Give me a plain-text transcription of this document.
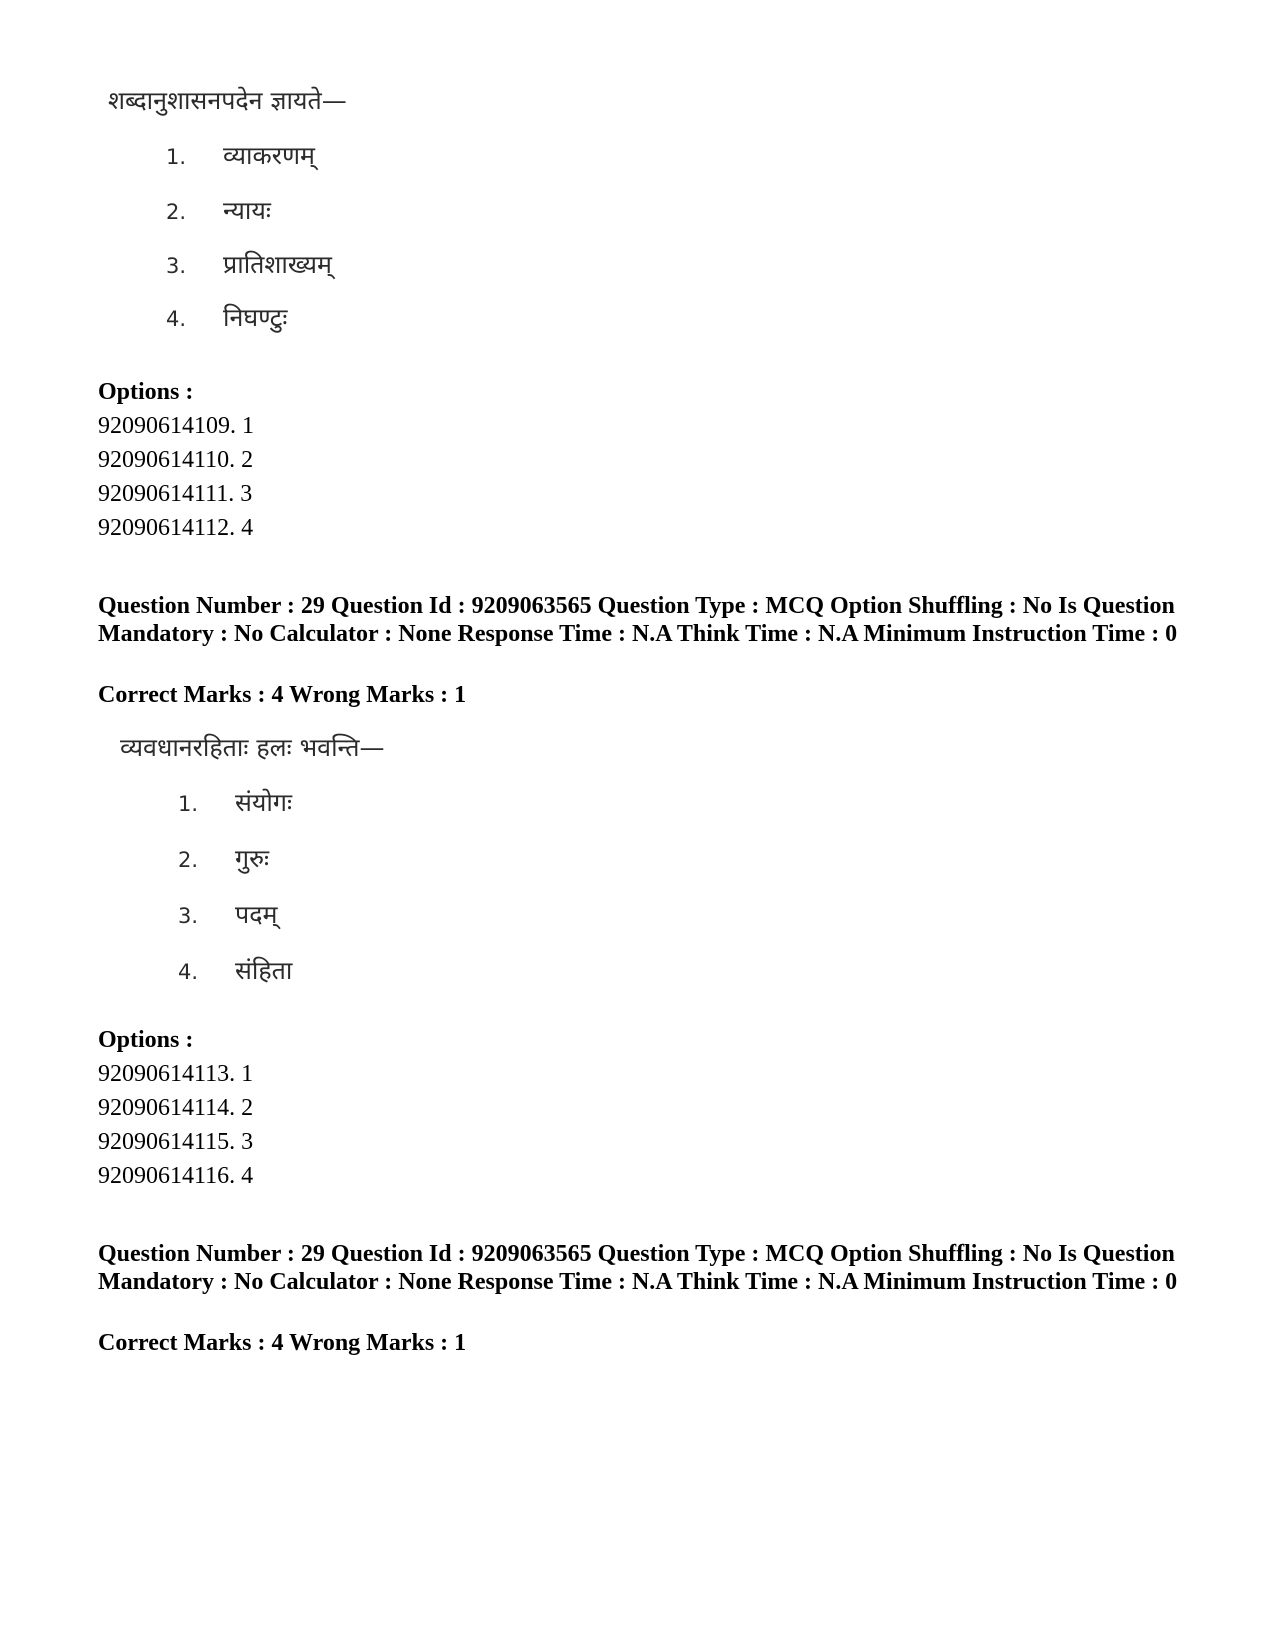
शब्दानुशासनपदेन ज्ञायते—
1.	व्याकरणम्
2.	न्यायः
3.	प्रातिशाख्यम्
4.	निघण्टुः
Options :
92090614109. 1
92090614110. 2
92090614111. 3
92090614112. 4
Question Number : 29 Question Id : 9209063565 Question Type : MCQ Option Shuffling : No Is Question Mandatory : No Calculator : None Response Time : N.A Think Time : N.A Minimum Instruction Time : 0
Correct Marks : 4 Wrong Marks : 1
व्यवधानरहिताः हलः भवन्ति—
1.	संयोगः
2.	गुरुः
3.	पदम्
4.	संहिता
Options :
92090614113. 1
92090614114. 2
92090614115. 3
92090614116. 4
Question Number : 29 Question Id : 9209063565 Question Type : MCQ Option Shuffling : No Is Question Mandatory : No Calculator : None Response Time : N.A Think Time : N.A Minimum Instruction Time : 0
Correct Marks : 4 Wrong Marks : 1
